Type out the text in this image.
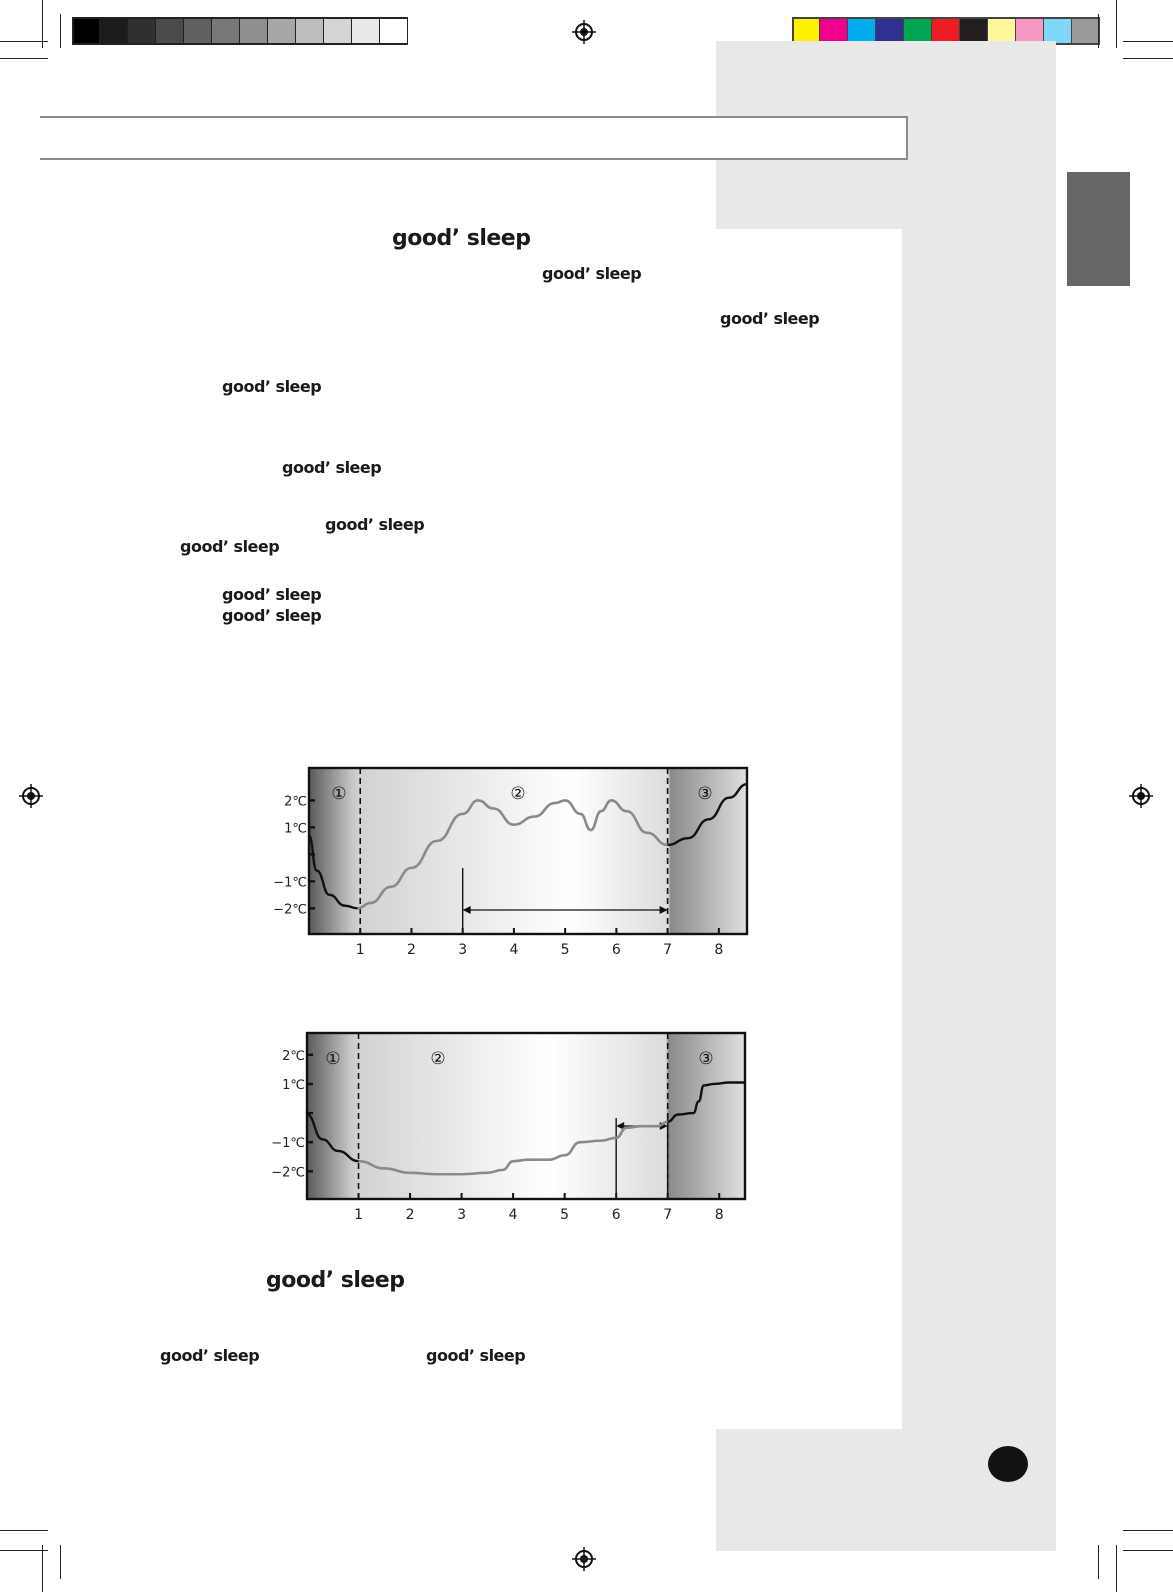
good’ sleep
good’ sleep
good’ sleep
good’ sleep
good’ sleep
good’ sleep
good’ sleep
good’ sleep
good’ sleep
good’ sleep
good’ sleep	good’ sleep
①	②	③
2℃
1℃
−1℃
−2℃
1	2	3	4	5	6	7	8
①	②	③
2℃
1℃
−1℃
−2℃
1	2	3	4	5	6	7	8
